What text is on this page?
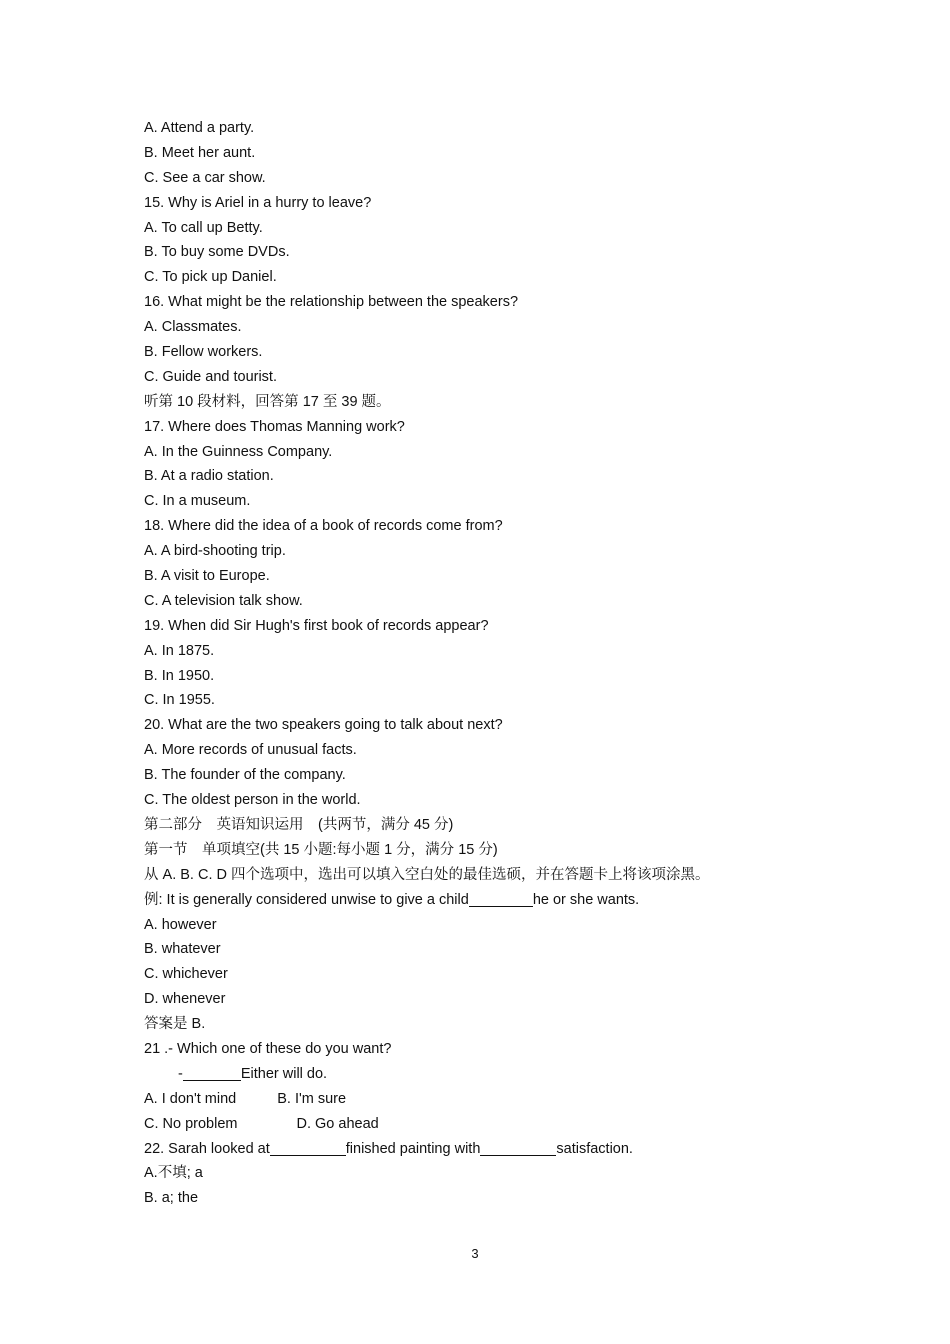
A. Attend a party.
B. Meet her aunt.
C. See a car show.
15. Why is Ariel in a hurry to leave?
A. To call up Betty.
B. To buy some DVDs.
C. To pick up Daniel.
16. What might be the relationship between the speakers?
A. Classmates.
B. Fellow workers.
C. Guide and tourist.
听第 10 段材料，回答第 17 至 39 题。
17. Where does Thomas Manning work?
A. In the Guinness Company.
B. At a radio station.
C. In a museum.
18. Where did the idea of a book of records come from?
A. A bird-shooting trip.
B. A visit to Europe.
C. A television talk show.
19. When did Sir Hugh's first book of records appear?
A. In 1875.
B. In 1950.
C. In 1955.
20. What are the two speakers going to talk about next?
A. More records of unusual facts.
B. The founder of the company.
C. The oldest person in the world.
第二部分　英语知识运用　(共两节，满分 45 分)
第一节　单项填空(共 15 小题:每小题 1 分，满分 15 分)
从 A. B. C. D 四个选项中，选出可以填入空白处的最佳选硕，并在答题卡上将该项涂黑。
例: It is generally considered unwise to give a child	he or she wants.
A. however
B. whatever
C. whichever
D. whenever
答案是 B.
21 .- Which one of these do you want?
-	Either will do.
A. I don't mind	B. I'm sure
C. No problem	D. Go ahead
22. Sarah looked at	finished painting with	satisfaction.
A.不填; a
B. a; the
3
